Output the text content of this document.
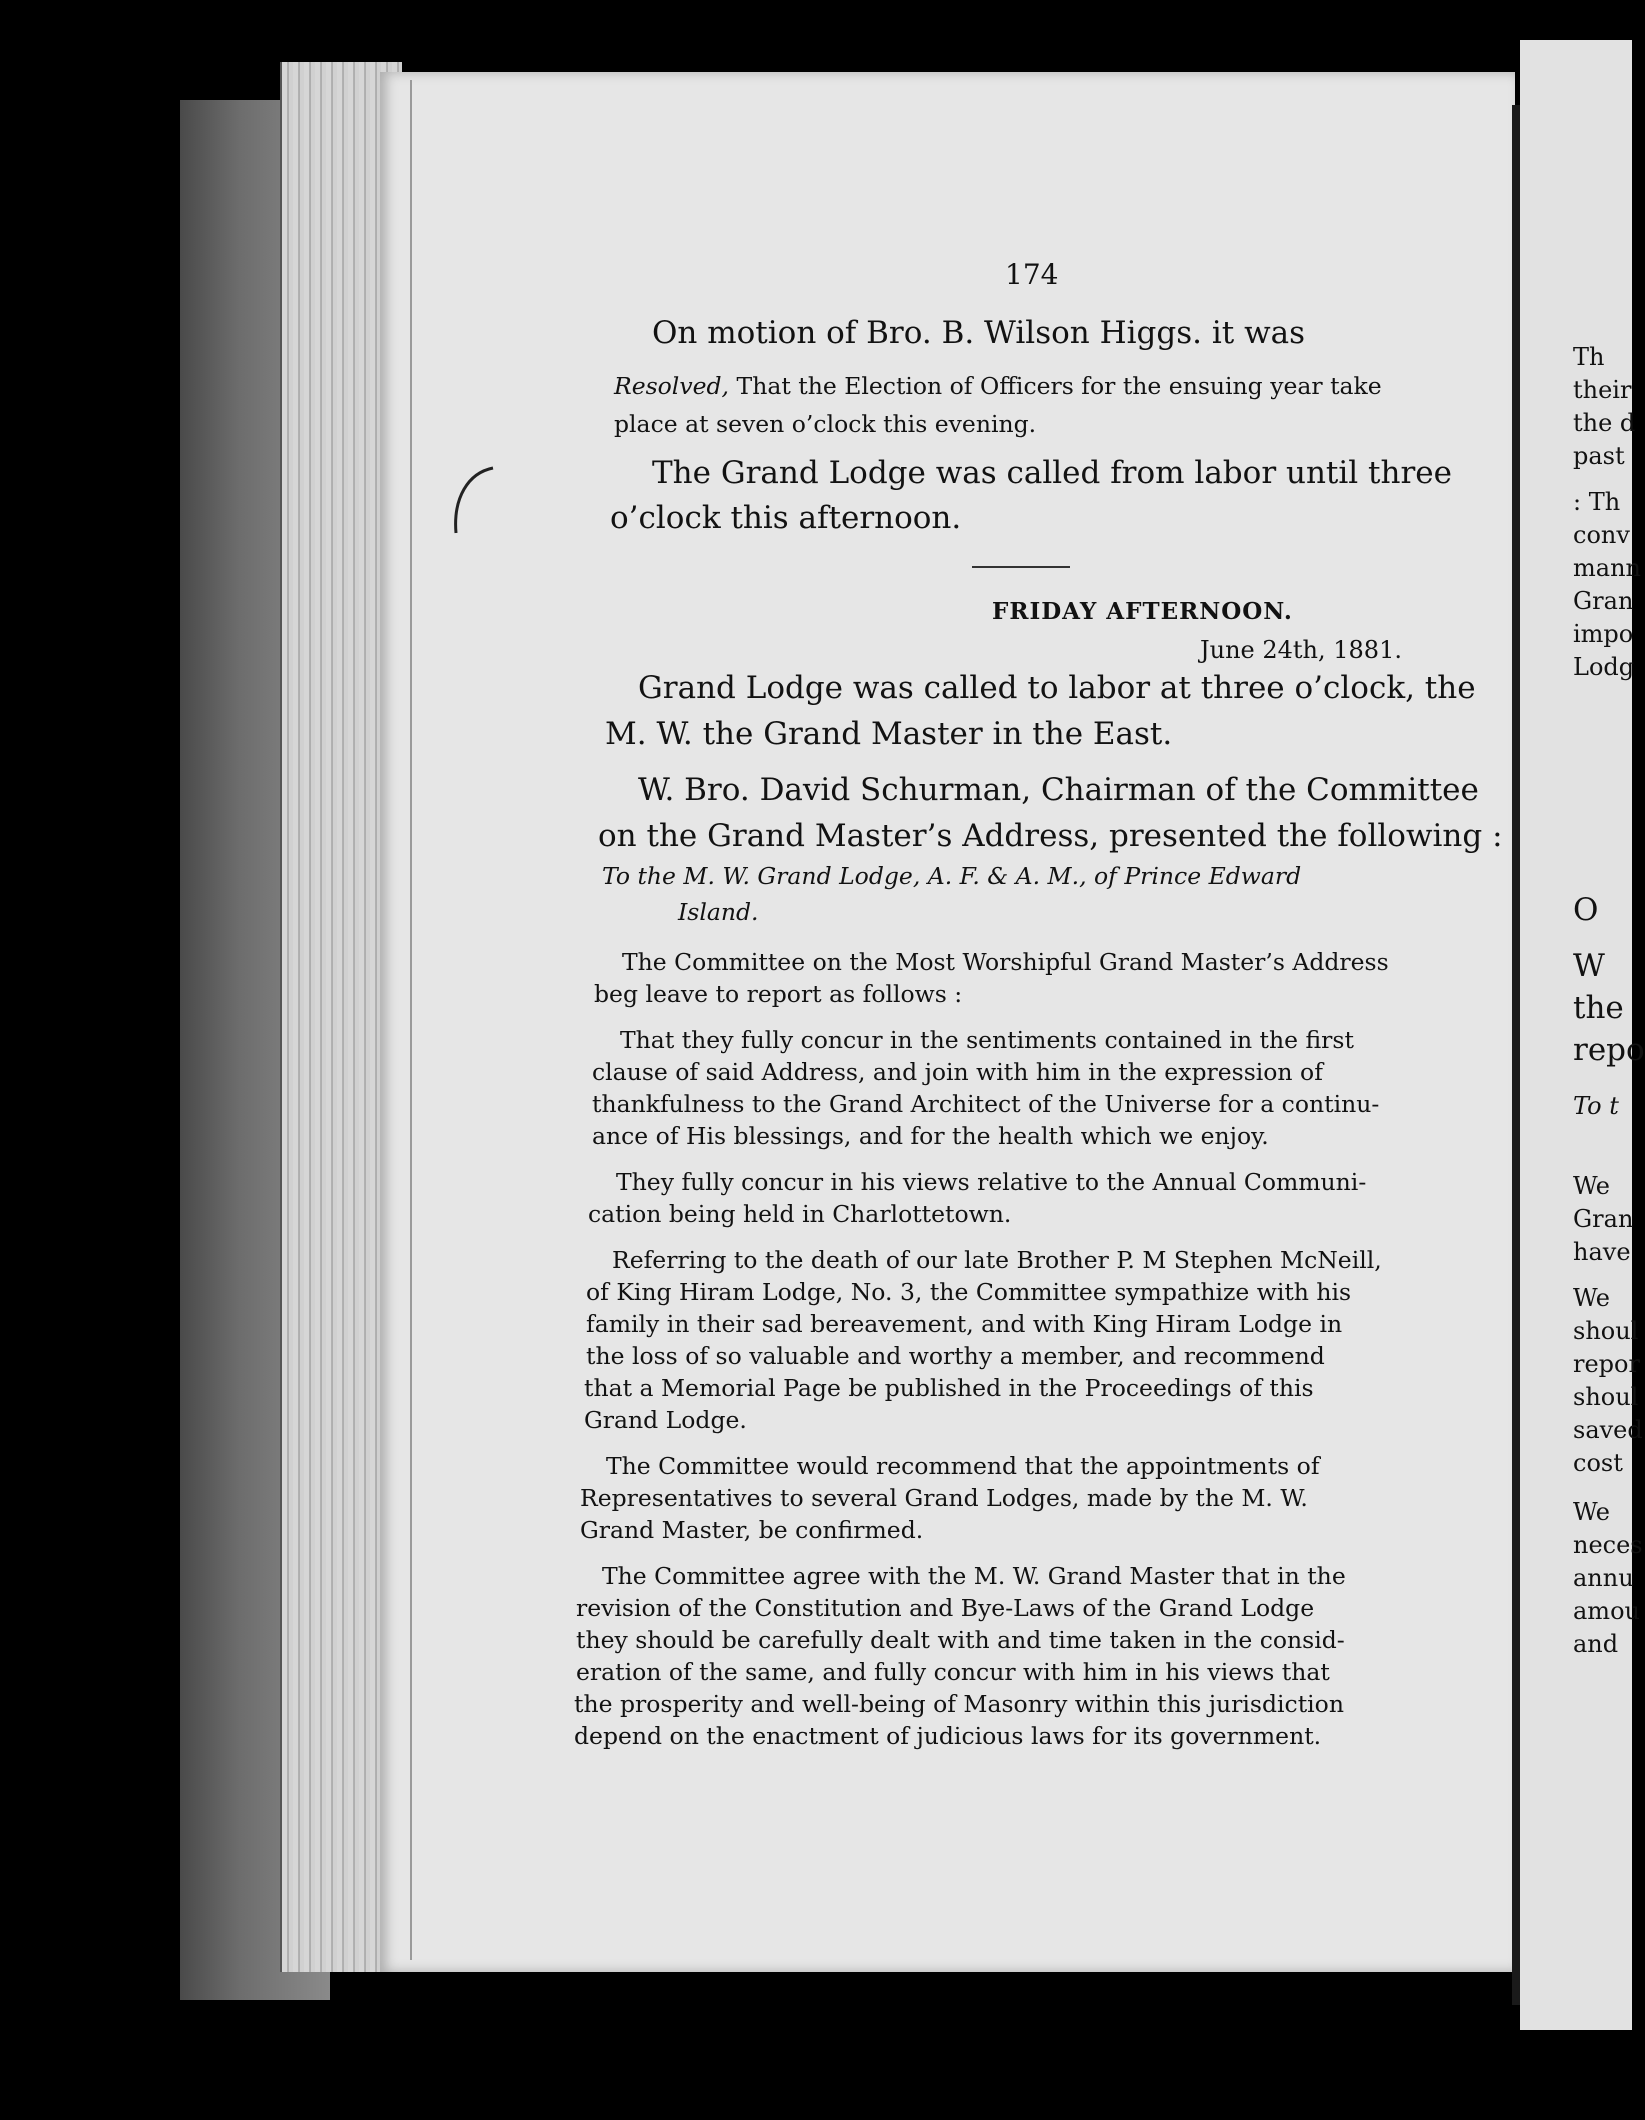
174

On motion of Bro. B. Wilson Higgs. it was

Resolved, That the Election of Officers for the ensuing year take

place at seven o’clock this evening.

The Grand Lodge was called from labor until three

o’clock this afternoon.

FRIDAY AFTERNOON.

June 24th, 1881.

Grand Lodge was called to labor at three o’clock, the

M. W. the Grand Master in the East.

W. Bro. David Schurman, Chairman of the Committee

on the Grand Master’s Address, presented the following :

To the M. W. Grand Lodge, A. F. & A. M., of Prince Edward

Island.

The Committee on the Most Worshipful Grand Master’s Address

beg leave to report as follows :

That they fully concur in the sentiments contained in the first

clause of said Address, and join with him in the expression of

thankfulness to the Grand Architect of the Universe for a continu-

ance of His blessings, and for the health which we enjoy.

They fully concur in his views relative to the Annual Communi-

cation being held in Charlottetown.

Referring to the death of our late Brother P. M Stephen McNeill,

of King Hiram Lodge, No. 3, the Committee sympathize with his

family in their sad bereavement, and with King Hiram Lodge in

the loss of so valuable and worthy a member, and recommend

that a Memorial Page be published in the Proceedings of this

Grand Lodge.

The Committee would recommend that the appointments of

Representatives to several Grand Lodges, made by the M. W.

Grand Master, be confirmed.

The Committee agree with the M. W. Grand Master that in the

revision of the Constitution and Bye-Laws of the Grand Lodge

they should be carefully dealt with and time taken in the consid-

eration of the same, and fully concur with him in his views that

the prosperity and well-being of Masonry within this jurisdiction

depend on the enactment of judicious laws for its government.

Th
their
the d
past
: Th
conv
mann
Gran
impo
Lodg
O
W
the
repo
To t
We
Gran
have
We
shoul
repor
shoul
saved
cost
We
neces
annu
amou
and
